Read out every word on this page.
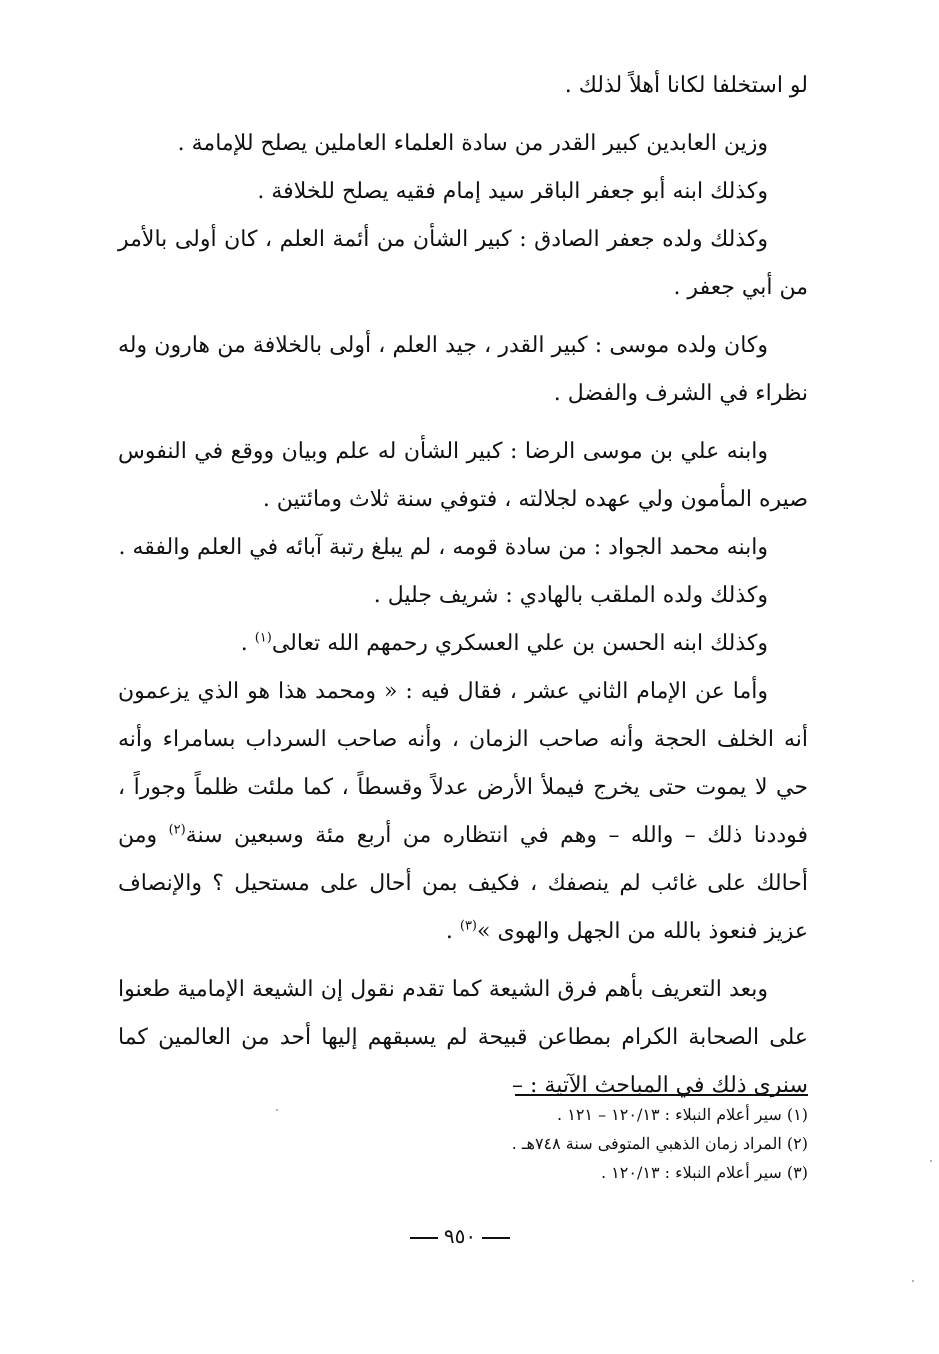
لو استخلفا لكانا أهلاً لذلك .

وزين العابدين كبير القدر من سادة العلماء العاملين يصلح للإمامة .

وكذلك ابنه أبو جعفر الباقر سيد إمام فقيه يصلح للخلافة .

وكذلك ولده جعفر الصادق : كبير الشأن من أئمة العلم ، كان أولى بالأمر من أبي جعفر .

وكان ولده موسى : كبير القدر ، جيد العلم ، أولى بالخلافة من هارون وله نظراء في الشرف والفضل .

وابنه علي بن موسى الرضا : كبير الشأن له علم وبيان ووقع في النفوس صيره المأمون ولي عهده لجلالته ، فتوفي سنة ثلاث ومائتين .

وابنه محمد الجواد : من سادة قومه ، لم يبلغ رتبة آبائه في العلم والفقه .

وكذلك ولده الملقب بالهادي : شريف جليل .

وكذلك ابنه الحسن بن علي العسكري رحمهم الله تعالى$^{(١)}$ .

وأما عن الإمام الثاني عشر ، فقال فيه : « ومحمد هذا هو الذي يزعمون أنه الخلف الحجة وأنه صاحب الزمان ، وأنه صاحب السرداب بسامراء وأنه حي لا يموت حتى يخرج فيملأ الأرض عدلاً وقسطاً ، كما ملئت ظلماً وجوراً ، فوددنا ذلك – والله – وهم في انتظاره من أربع مئة وسبعين سنة$^{(٢)}$ ومن أحالك على غائب لم ينصفك ، فكيف بمن أحال على مستحيل ؟ والإنصاف عزيز فنعوذ بالله من الجهل والهوى »$^{(٣)}$ .

وبعد التعريف بأهم فرق الشيعة كما تقدم نقول إن الشيعة الإمامية طعنوا على الصحابة الكرام بمطاعن قبيحة لم يسبقهم إليها أحد من العالمين كما سنرى ذلك في المباحث الآتية : –

(١) سير أعلام النبلاء : ١٢٠/١٣ – ١٢١ .
(٢) المراد زمان الذهبي المتوفى سنة ٧٤٨هـ .
(٣) سير أعلام النبلاء : ١٢٠/١٣ .
٩٥٠
